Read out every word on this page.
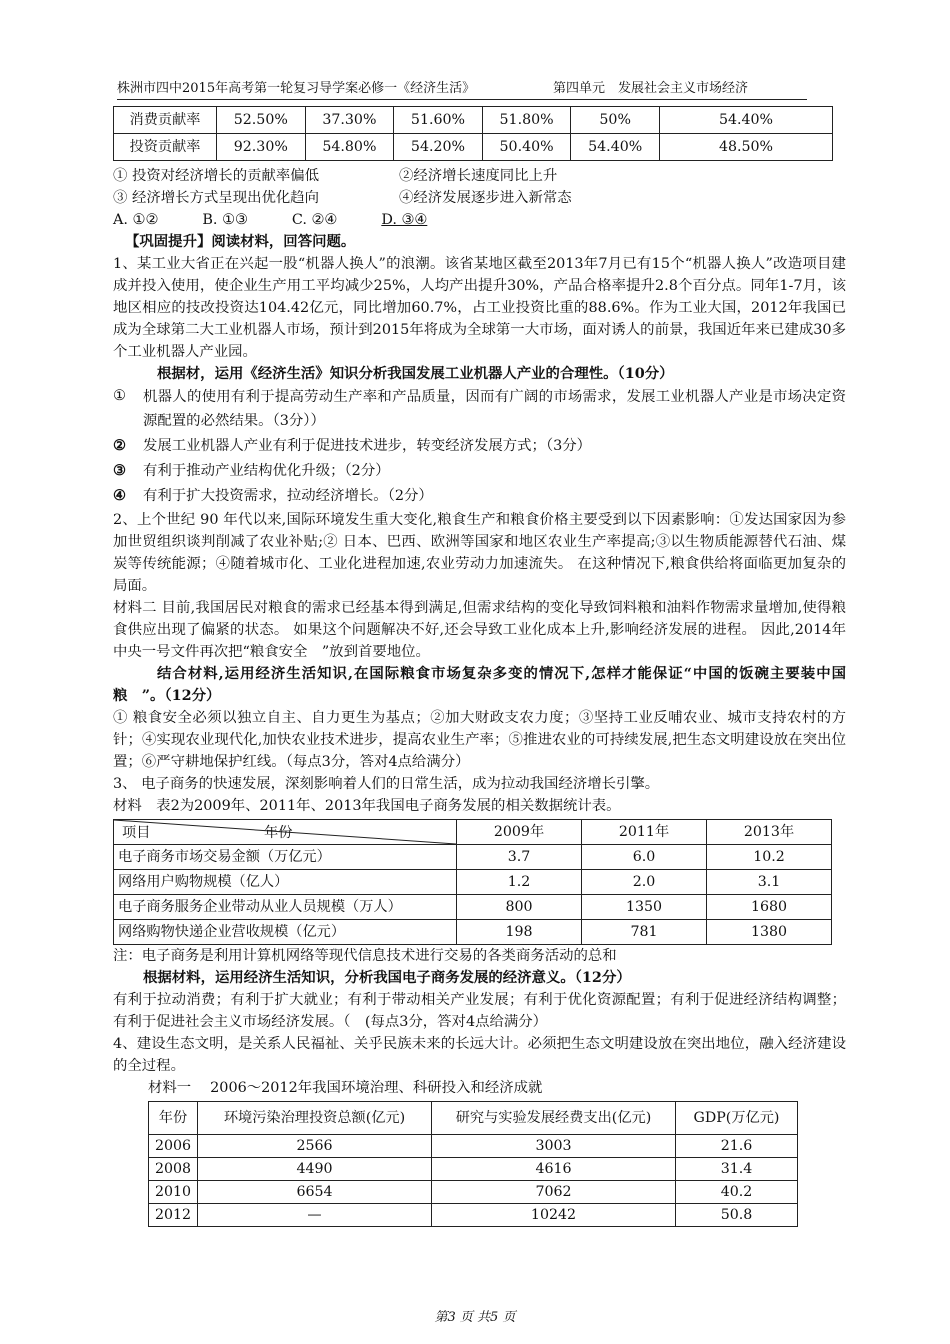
株洲市四中2015年高考第一轮复习导学案必修一《经济生活》	第四单元　发展社会主义市场经济
消费贡献率	52.50%	37.30%	51.60%	51.80%	50%	54.40%
投资贡献率	92.30%	54.80%	54.20%	50.40%	54.40%	48.50%
① 投资对经济增长的贡献率偏低	②经济增长速度同比上升
③ 经济增长方式呈现出优化趋向	④经济发展逐步进入新常态
A. ①②	B. ①③	C. ②④	D. ③④
【巩固提升】阅读材料，回答问题。
1、某工业大省正在兴起一股“机器人换人”的浪潮。该省某地区截至2013年7月已有15个“机器人换人”改造项目建成并投入使用，使企业生产用工平均减少25%，人均产出提升30%，产品合格率提升2.8个百分点。同年1-7月，该地区相应的技改投资达104.42亿元，同比增加60.7%，占工业投资比重的88.6%。作为工业大国，2012年我国已成为全球第二大工业机器人市场，预计到2015年将成为全球第一大市场，面对诱人的前景，我国近年来已建成30多个工业机器人产业园。
根据材，运用《经济生活》知识分析我国发展工业机器人产业的合理性。（10分）
①	机器人的使用有利于提高劳动生产率和产品质量，因而有广阔的市场需求，发展工业机器人产业是市场决定资源配置的必然结果。（3分））
②	发展工业机器人产业有利于促进技术进步，转变经济发展方式；（3分）
③	有利于推动产业结构优化升级；（2分）
④	有利于扩大投资需求，拉动经济增长。（2分）
2、上个世纪 90 年代以来,国际环境发生重大变化,粮食生产和粮食价格主要受到以下因素影响：①发达国家因为参加世贸组织谈判削减了农业补贴;② 日本、巴西、欧洲等国家和地区农业生产率提高;③以生物质能源替代石油、煤炭等传统能源；④随着城市化、工业化进程加速,农业劳动力加速流失。 在这种情况下,粮食供给将面临更加复杂的局面。
材料二 目前,我国居民对粮食的需求已经基本得到满足,但需求结构的变化导致饲料粮和油料作物需求量增加,使得粮食供应出现了偏紧的状态。 如果这个问题解决不好,还会导致工业化成本上升,影响经济发展的进程。 因此,2014年中央一号文件再次把“粮食安全　”放到首要地位。
结合材料,运用经济生活知识,在国际粮食市场复杂多变的情况下,怎样才能保证“中国的饭碗主要装中国粮　”。（12分）
① 粮食安全必须以独立自主、自力更生为基点；②加大财政支农力度；③坚持工业反哺农业、城市支持农村的方针；④实现农业现代化,加快农业技术进步，提高农业生产率；⑤推进农业的可持续发展,把生态文明建设放在突出位置；⑥严守耕地保护红线。（每点3分，答对4点给满分）
3、 电子商务的快速发展，深刻影响着人们的日常生活，成为拉动我国经济增长引擎。
材料　表2为2009年、2011年、2013年我国电子商务发展的相关数据统计表。
项目 年份	2009年	2011年	2013年
电子商务市场交易金额（万亿元）	3.7	6.0	10.2
网络用户购物规模（亿人）	1.2	2.0	3.1
电子商务服务企业带动从业人员规模（万人）	800	1350	1680
网络购物快递企业营收规模（亿元）	198	781	1380
注：电子商务是利用计算机网络等现代信息技术进行交易的各类商务活动的总和
根据材料，运用经济生活知识，分析我国电子商务发展的经济意义。（12分）
有利于拉动消费；有利于扩大就业；有利于带动相关产业发展；有利于优化资源配置；有利于促进经济结构调整；有利于促进社会主义市场经济发展。（　(每点3分，答对4点给满分）
4、建设生态文明，是关系人民福祉、关乎民族未来的长远大计。必须把生态文明建设放在突出地位，融入经济建设的全过程。
材料一　 2006～2012年我国环境治理、科研投入和经济成就
年份	环境污染治理投资总额(亿元)	研究与实验发展经费支出(亿元)	GDP(万亿元)
2006	2566	3003	21.6
2008	4490	4616	31.4
2010	6654	7062	40.2
2012	—	10242	50.8
第3 页 共5 页
